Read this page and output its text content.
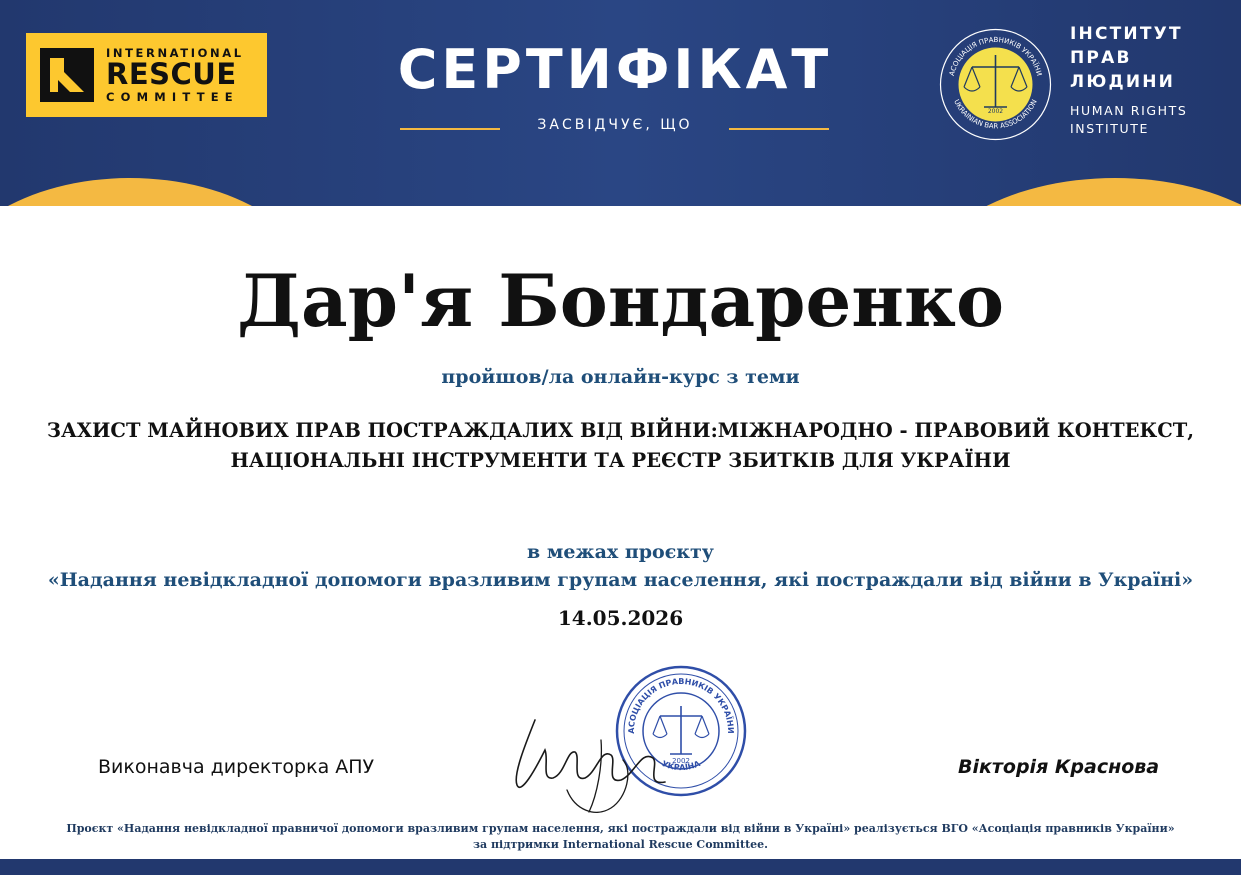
INTERNATIONAL
RESCUE
COMMITTEE	СЕРТИФІКАТ
ЗАСВІДЧУЄ, ЩО
АСОЦІАЦІЯ ПРАВНИКІВ УКРАЇНИ
UKRAINIAN BAR ASSOCIATION
2002
ІНСТИТУТ
ПРАВ
ЛЮДИНИ
HUMAN RIGHTS
INSTITUTE
Дар'я Бондаренко
пройшов/ла онлайн-курс з теми
ЗАХИСТ МАЙНОВИХ ПРАВ ПОСТРАЖДАЛИХ ВІД ВІЙНИ:МІЖНАРОДНО - ПРАВОВИЙ КОНТЕКСТ,
НАЦІОНАЛЬНІ ІНСТРУМЕНТИ ТА РЕЄСТР ЗБИТКІВ ДЛЯ УКРАЇНИ
в межах проєкту
«Надання невідкладної допомоги вразливим групам населення, які постраждали від війни в Україні»
14.05.2026
АСОЦІАЦІЯ ПРАВНИКІВ УКРАЇНИ
УКРАЇНА
2002
Виконавча директорка АПУ	Вікторія Краснова
Проєкт «Надання невідкладної правничої допомоги вразливим групам населення, які постраждали від війни в Україні» реалізується ВГО «Асоціація правників України»
за підтримки International Rescue Committee.
